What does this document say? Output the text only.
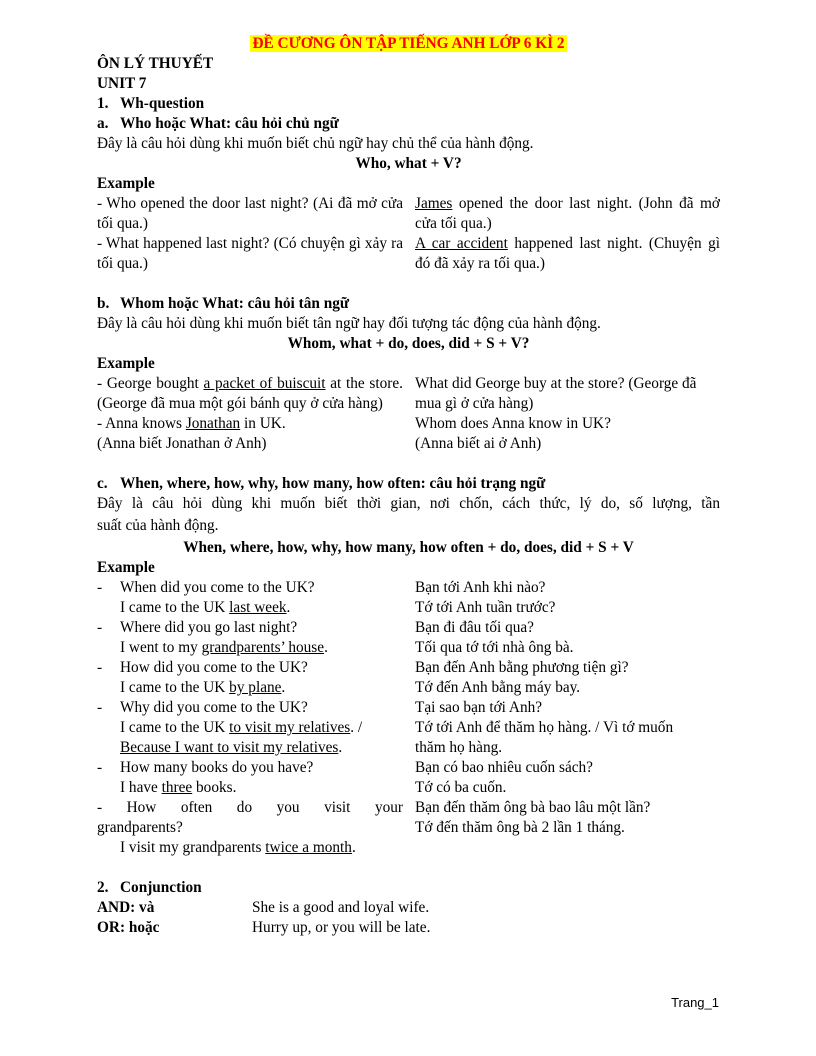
ĐỀ CƯƠNG ÔN TẬP TIẾNG ANH LỚP 6 KÌ 2
ÔN LÝ THUYẾT
UNIT 7
1. Wh-question
a. Who hoặc What: câu hỏi chủ ngữ
Đây là câu hỏi dùng khi muốn biết chủ ngữ hay chủ thể của hành động.
Who, what + V?
Example
- Who opened the door last night? (Ai đã mở cửa tối qua.)
James opened the door last night. (John đã mở cửa tối qua.)
- What happened last night? (Có chuyện gì xảy ra tối qua.)
A car accident happened last night. (Chuyện gì đó đã xảy ra tối qua.)
b. Whom hoặc What: câu hỏi tân ngữ
Đây là câu hỏi dùng khi muốn biết tân ngữ hay đối tượng tác động của hành động.
Whom, what + do, does, did + S + V?
Example
- George bought a packet of buiscuit at the store. (George đã mua một gói bánh quy ở cửa hàng)
What did George buy at the store? (George đã mua gì ở cửa hàng)
- Anna knows Jonathan in UK.
(Anna biết Jonathan ở Anh)
Whom does Anna know in UK?
(Anna biết ai ở Anh)
c. When, where, how, why, how many, how often: câu hỏi trạng ngữ
Đây là câu hỏi dùng khi muốn biết thời gian, nơi chốn, cách thức, lý do, số lượng, tần
suất của hành động.
When, where, how, why, how many, how often + do, does, did + S + V
Example
- When did you come to the UK?
I came to the UK last week.
Bạn tới Anh khi nào?
Tớ tới Anh tuần trước?
- Where did you go last night?
I went to my grandparents’ house.
Bạn đi đâu tối qua?
Tối qua tớ tới nhà ông bà.
- How did you come to the UK?
I came to the UK by plane.
Bạn đến Anh bằng phương tiện gì?
Tớ đến Anh bằng máy bay.
- Why did you come to the UK?
I came to the UK to visit my relatives. /
Because I want to visit my relatives.
Tại sao bạn tới Anh?
Tớ tới Anh để thăm họ hàng. / Vì tớ muốn
thăm họ hàng.
- How many books do you have?
I have three books.
Bạn có bao nhiêu cuốn sách?
Tớ có ba cuốn.
- How often do you visit your
grandparents?
I visit my grandparents twice a month.
Bạn đến thăm ông bà bao lâu một lần?
Tớ đến thăm ông bà 2 lần 1 tháng.
2. Conjunction
AND: và	She is a good and loyal wife.
OR: hoặc	Hurry up, or you will be late.
Trang_1
